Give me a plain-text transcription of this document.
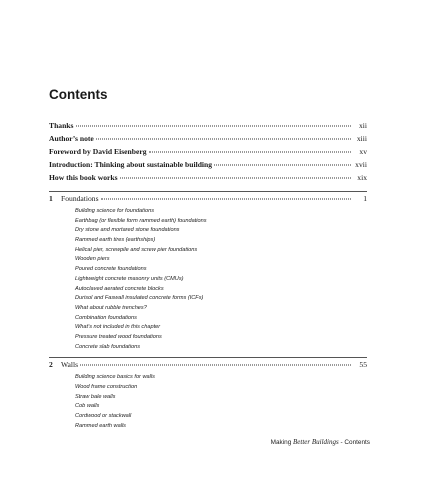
Contents
Thanks	xii
Author’s note	xiii
Foreword by David Eisenberg	xv
Introduction: Thinking about sustainable building	xvii
How this book works	xix
1	Foundations	1
Building science for foundations
Earthbag (or flexible form rammed earth) foundations
Dry stone and mortared stone foundations
Rammed earth tires (earthships)
Helical pier, screwpile and screw pier foundations
Wooden piers
Poured concrete foundations
Lightweight concrete masonry units (CMUs)
Autoclaved aerated concrete blocks
Durisol and Faswall insulated concrete forms (ICFs)
What about rubble trenches?
Combination foundations
What’s not included in this chapter
Pressure treated wood foundations
Concrete slab foundations
2	Walls	55
Building science basics for walls
Wood frame construction
Straw bale walls
Cob walls
Cordwood or stackwall
Rammed earth walls
Making Better Buildings - Contents
